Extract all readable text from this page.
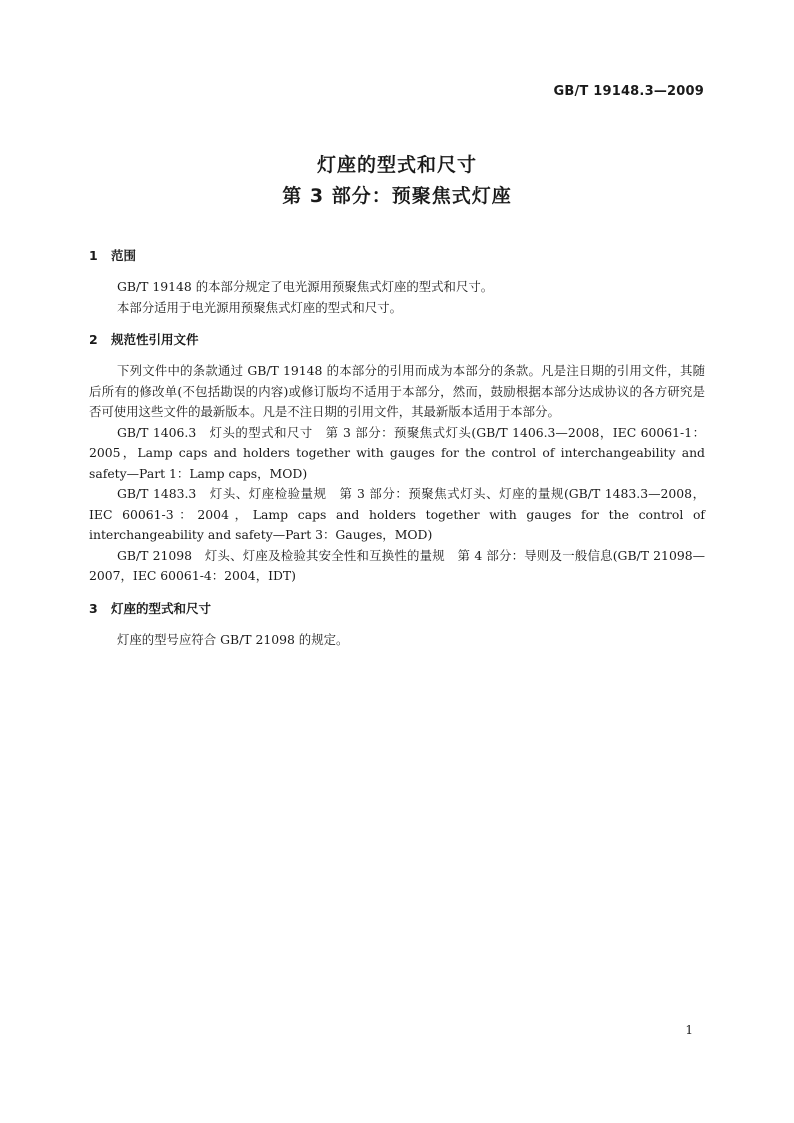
GB/T 19148.3—2009
灯座的型式和尺寸
第 3 部分：预聚焦式灯座
1 范围

GB/T 19148 的本部分规定了电光源用预聚焦式灯座的型式和尺寸。

本部分适用于电光源用预聚焦式灯座的型式和尺寸。

2 规范性引用文件

下列文件中的条款通过 GB/T 19148 的本部分的引用而成为本部分的条款。凡是注日期的引用文件，其随后所有的修改单(不包括勘误的内容)或修订版均不适用于本部分，然而，鼓励根据本部分达成协议的各方研究是否可使用这些文件的最新版本。凡是不注日期的引用文件，其最新版本适用于本部分。

GB/T 1406.3　灯头的型式和尺寸　第 3 部分：预聚焦式灯头(GB/T 1406.3—2008，IEC 60061-1：2005，Lamp caps and holders together with gauges for the control of interchangeability and safety—Part 1：Lamp caps，MOD)

GB/T 1483.3　灯头、灯座检验量规　第 3 部分：预聚焦式灯头、灯座的量规(GB/T 1483.3—2008，IEC 60061-3：2004，Lamp caps and holders together with gauges for the control of interchangeability and safety—Part 3：Gauges，MOD)

GB/T 21098　灯头、灯座及检验其安全性和互换性的量规　第 4 部分：导则及一般信息(GB/T 21098—2007，IEC 60061-4：2004，IDT)

3 灯座的型式和尺寸

灯座的型号应符合 GB/T 21098 的规定。

1
